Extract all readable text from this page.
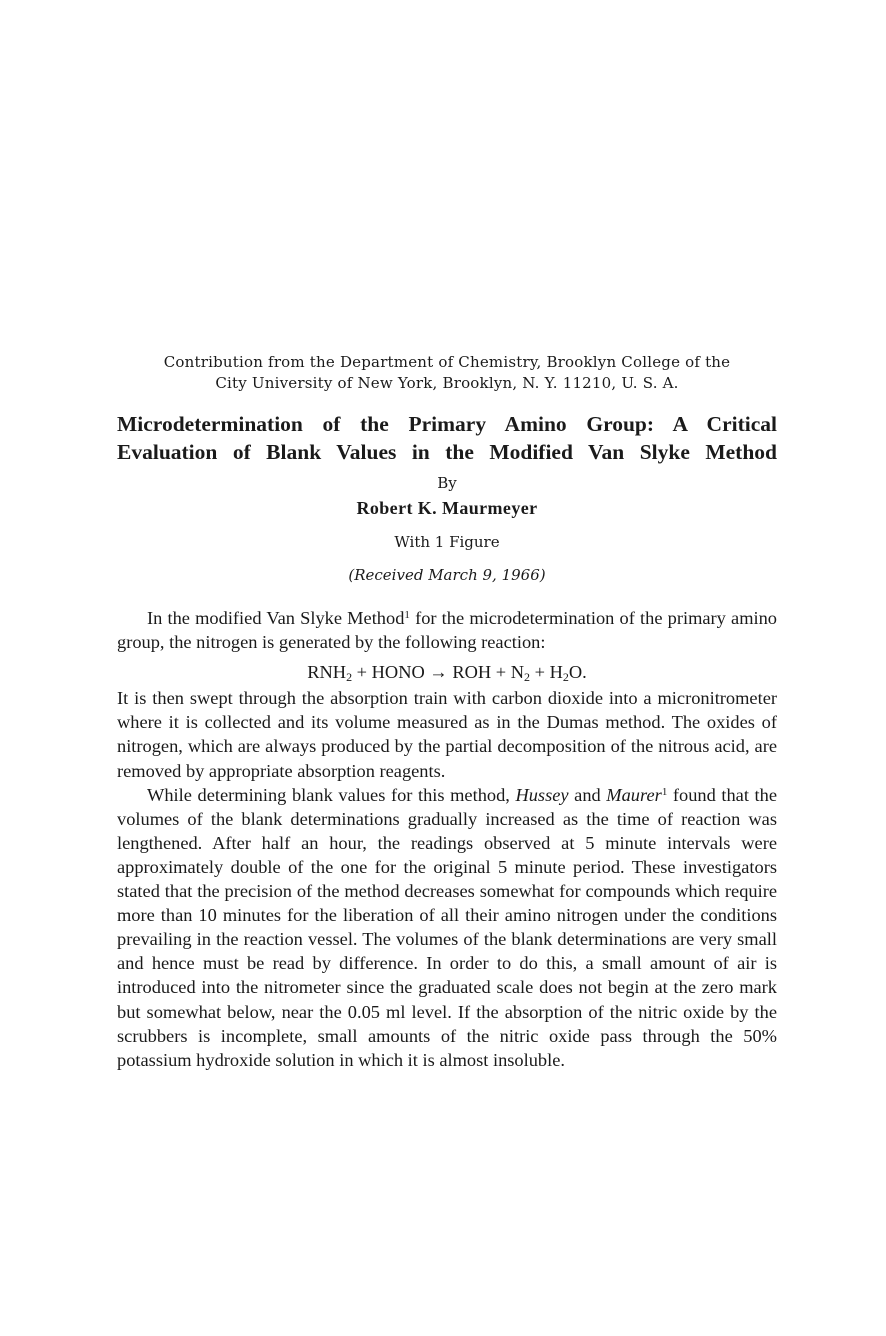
Contribution from the Department of Chemistry, Brooklyn College of the
City University of New York, Brooklyn, N. Y. 11210, U. S. A.
Microdetermination of the Primary Amino Group: A Critical
Evaluation of Blank Values in the Modified Van Slyke Method
By
Robert K. Maurmeyer
With 1 Figure
(Received March 9, 1966)

In the modified Van Slyke Method$^1$ for the microdetermination of the primary amino group, the nitrogen is generated by the following reaction:

$RNH_2$ + HONO → ROH + $N_2 + H_2O$.

It is then swept through the absorption train with carbon dioxide into a micronitrometer where it is collected and its volume measured as in the Dumas method. The oxides of nitrogen, which are always produced by the partial decomposition of the nitrous acid, are removed by appropriate absorption reagents.

While determining blank values for this method, Hussey and Maurer$^1$ found that the volumes of the blank determinations gradually increased as the time of reaction was lengthened. After half an hour, the readings observed at 5 minute intervals were approximately double of the one for the original 5 minute period. These investigators stated that the precision of the method decreases somewhat for compounds which require more than 10 minutes for the liberation of all their amino nitrogen under the conditions prevailing in the reaction vessel. The volumes of the blank determinations are very small and hence must be read by difference. In order to do this, a small amount of air is introduced into the nitrometer since the graduated scale does not begin at the zero mark but somewhat below, near the 0.05 ml level. If the absorption of the nitric oxide by the scrubbers is incomplete, small amounts of the nitric oxide pass through the 50% potassium hydroxide solution in which it is almost insoluble.
